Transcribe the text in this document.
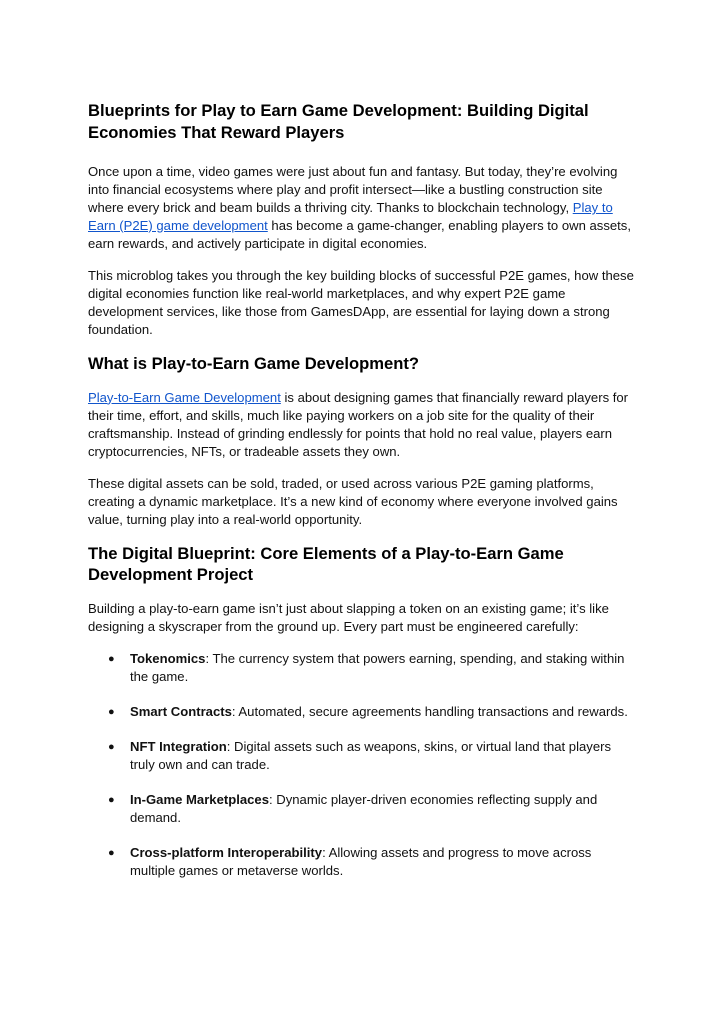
Blueprints for Play to Earn Game Development: Building Digital Economies That Reward Players

Once upon a time, video games were just about fun and fantasy. But today, they’re evolving into financial ecosystems where play and profit intersect—like a bustling construction site where every brick and beam builds a thriving city. Thanks to blockchain technology, Play to Earn (P2E) game development has become a game-changer, enabling players to own assets, earn rewards, and actively participate in digital economies.

This microblog takes you through the key building blocks of successful P2E games, how these digital economies function like real-world marketplaces, and why expert P2E game development services, like those from GamesDApp, are essential for laying down a strong foundation.

What is Play-to-Earn Game Development?

Play-to-Earn Game Development is about designing games that financially reward players for their time, effort, and skills, much like paying workers on a job site for the quality of their craftsmanship. Instead of grinding endlessly for points that hold no real value, players earn cryptocurrencies, NFTs, or tradeable assets they own.

These digital assets can be sold, traded, or used across various P2E gaming platforms, creating a dynamic marketplace. It’s a new kind of economy where everyone involved gains value, turning play into a real-world opportunity.

The Digital Blueprint: Core Elements of a Play-to-Earn Game Development Project

Building a play-to-earn game isn’t just about slapping a token on an existing game; it’s like designing a skyscraper from the ground up. Every part must be engineered carefully:

● Tokenomics: The currency system that powers earning, spending, and staking within the game.
● Smart Contracts: Automated, secure agreements handling transactions and rewards.
● NFT Integration: Digital assets such as weapons, skins, or virtual land that players truly own and can trade.
● In-Game Marketplaces: Dynamic player-driven economies reflecting supply and demand.
● Cross-platform Interoperability: Allowing assets and progress to move across multiple games or metaverse worlds.
